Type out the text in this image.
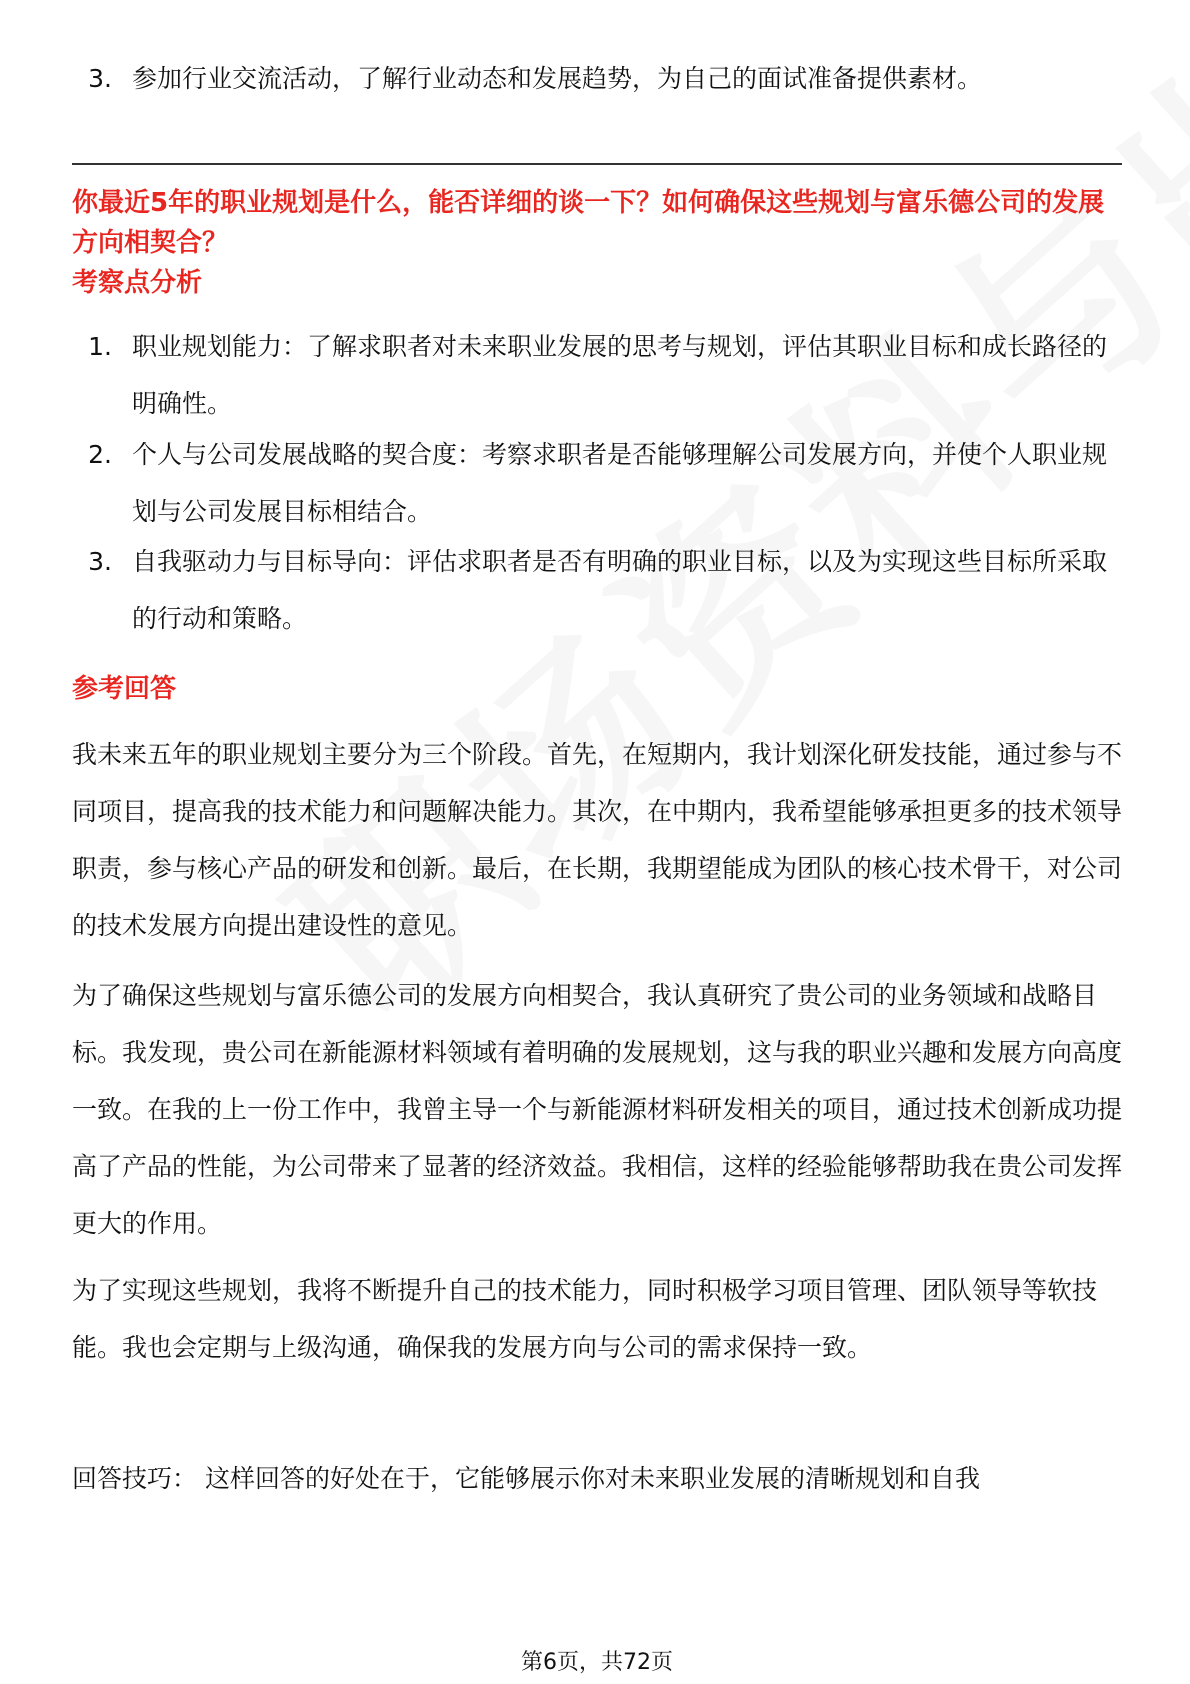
3. 参加行业交流活动，了解行业动态和发展趋势，为自己的面试准备提供素材。
你最近5年的职业规划是什么，能否详细的谈一下？如何确保这些规划与富乐德公司的发展方向相契合？
考察点分析
1. 职业规划能力：了解求职者对未来职业发展的思考与规划，评估其职业目标和成长路径的明确性。
2. 个人与公司发展战略的契合度：考察求职者是否能够理解公司发展方向，并使个人职业规划与公司发展目标相结合。
3. 自我驱动力与目标导向：评估求职者是否有明确的职业目标，以及为实现这些目标所采取的行动和策略。
参考回答
我未来五年的职业规划主要分为三个阶段。首先，在短期内，我计划深化研发技能，通过参与不同项目，提高我的技术能力和问题解决能力。其次，在中期内，我希望能够承担更多的技术领导职责，参与核心产品的研发和创新。最后，在长期，我期望能成为团队的核心技术骨干，对公司的技术发展方向提出建设性的意见。
为了确保这些规划与富乐德公司的发展方向相契合，我认真研究了贵公司的业务领域和战略目标。我发现，贵公司在新能源材料领域有着明确的发展规划，这与我的职业兴趣和发展方向高度一致。在我的上一份工作中，我曾主导一个与新能源材料研发相关的项目，通过技术创新成功提高了产品的性能，为公司带来了显著的经济效益。我相信，这样的经验能够帮助我在贵公司发挥更大的作用。
为了实现这些规划，我将不断提升自己的技术能力，同时积极学习项目管理、团队领导等软技能。我也会定期与上级沟通，确保我的发展方向与公司的需求保持一致。
回答技巧： 这样回答的好处在于，它能够展示你对未来职业发展的清晰规划和自我
第6页，共72页
